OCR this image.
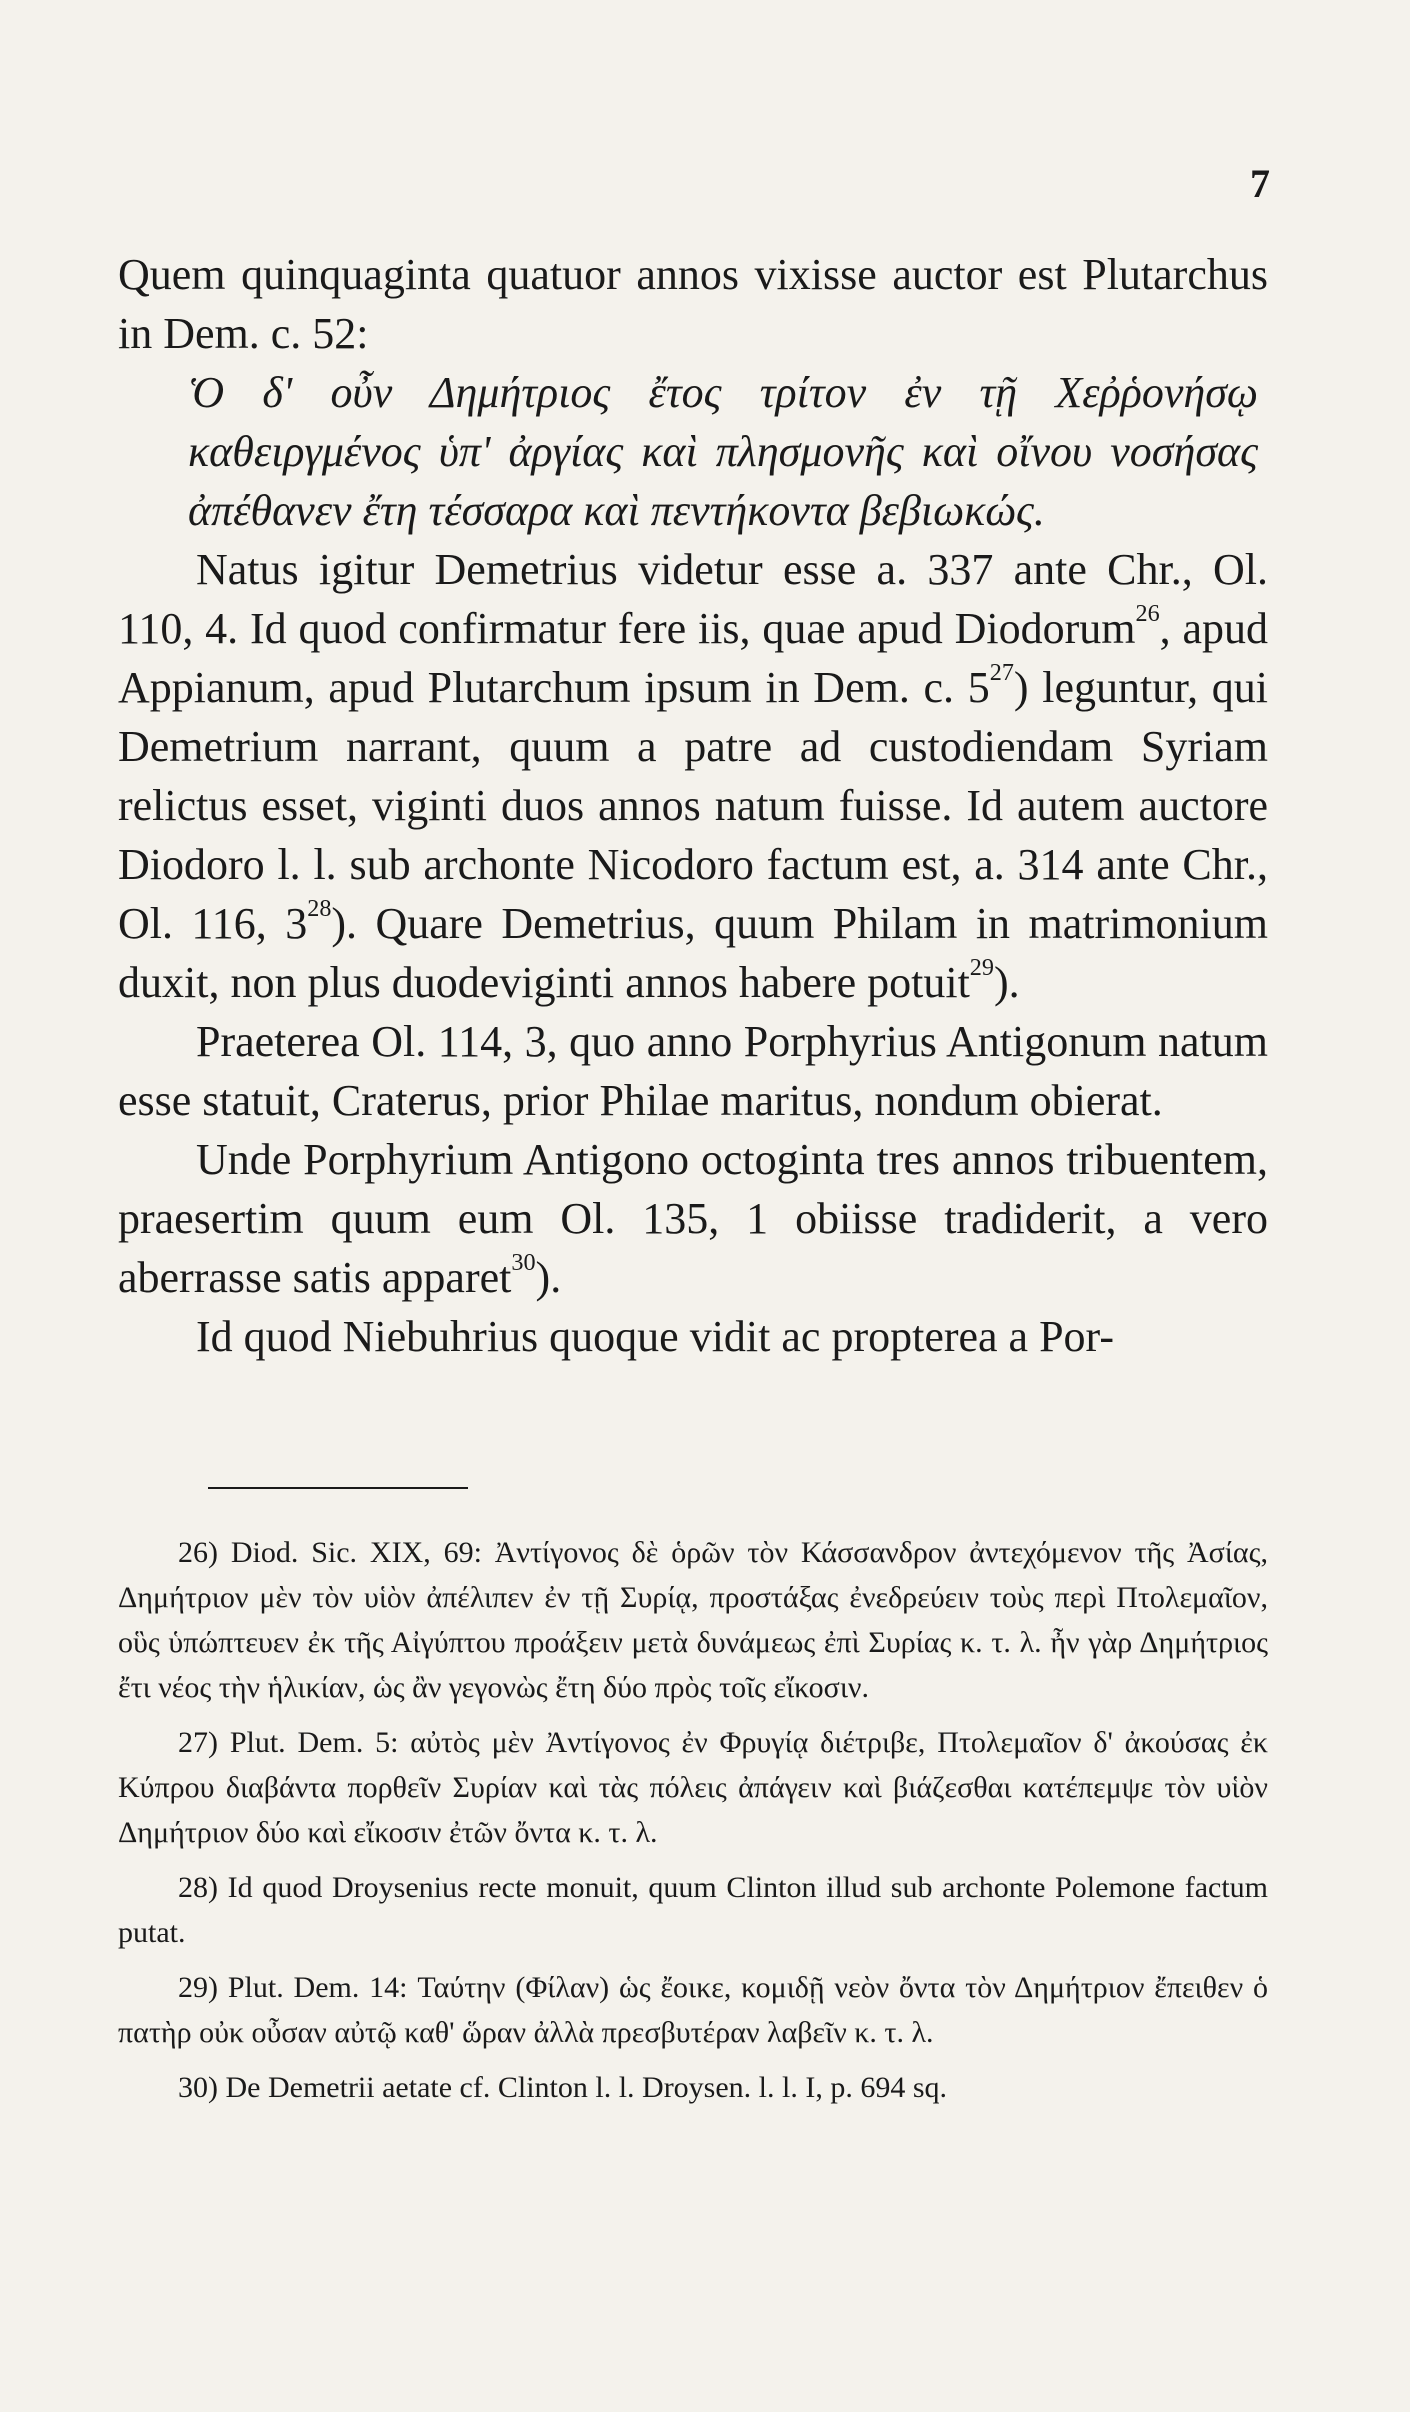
7

Quem quinquaginta quatuor annos vixisse auctor est Plutarchus in Dem. c. 52:

Ὁ δ' οὖν Δημήτριος ἔτος τρίτον ἐν τῇ Χεῤῥονήσῳ καθειργμένος ὑπ' ἀργίας καὶ πλησμονῆς καὶ οἴνου νοσήσας ἀπέθανεν ἔτη τέσσαρα καὶ πεντήκοντα βεβιωκώς.

Natus igitur Demetrius videtur esse a. 337 ante Chr., Ol. 110, 4. Id quod confirmatur fere iis, quae apud Diodorum$^{26}$, apud Appianum, apud Plutarchum ipsum in Dem. c. $5^{27}$) leguntur, qui Demetrium narrant, quum a patre ad custodiendam Syriam relictus esset, viginti duos annos natum fuisse. Id autem auctore Diodoro l. l. sub archonte Nicodoro factum est, a. 314 ante Chr., Ol. 116, $3^{28}$). Quare Demetrius, quum Philam in matrimonium duxit, non plus duodeviginti annos habere potuit$^{29}$).

Praeterea Ol. 114, 3, quo anno Porphyrius Antigonum natum esse statuit, Craterus, prior Philae maritus, nondum obierat.

Unde Porphyrium Antigono octoginta tres annos tribuentem, praesertim quum eum Ol. 135, 1 obiisse tradiderit, a vero aberrasse satis apparet$^{30}$).

Id quod Niebuhrius quoque vidit ac propterea a Por-

26) Diod. Sic. XIX, 69: Ἀντίγονος δὲ ὁρῶν τὸν Κάσσανδρον ἀντεχόμενον τῆς Ἀσίας, Δημήτριον μὲν τὸν υἱὸν ἀπέλιπεν ἐν τῇ Συρίᾳ, προστάξας ἐνεδρεύειν τοὺς περὶ Πτολεμαῖον, οὓς ὑπώπτευεν ἐκ τῆς Αἰγύπτου προάξειν μετὰ δυνάμεως ἐπὶ Συρίας κ. τ. λ. ἦν γὰρ Δημήτριος ἔτι νέος τὴν ἡλικίαν, ὡς ἂν γεγονὼς ἔτη δύο πρὸς τοῖς εἴκοσιν.

27) Plut. Dem. 5: αὐτὸς μὲν Ἀντίγονος ἐν Φρυγίᾳ διέτριβε, Πτολεμαῖον δ' ἀκούσας ἐκ Κύπρου διαβάντα πορθεῖν Συρίαν καὶ τὰς πόλεις ἀπάγειν καὶ βιάζεσθαι κατέπεμψε τὸν υἱὸν Δημήτριον δύο καὶ εἴκοσιν ἐτῶν ὄντα κ. τ. λ.

28) Id quod Droysenius recte monuit, quum Clinton illud sub archonte Polemone factum putat.

29) Plut. Dem. 14: Ταύτην (Φίλαν) ὡς ἔοικε, κομιδῇ νεὸν ὄντα τὸν Δημήτριον ἔπειθεν ὁ πατὴρ οὐκ οὖσαν αὐτῷ καθ' ὥραν ἀλλὰ πρεσβυτέραν λαβεῖν κ. τ. λ.

30) De Demetrii aetate cf. Clinton l. l. Droysen. l. l. I, p. 694 sq.
